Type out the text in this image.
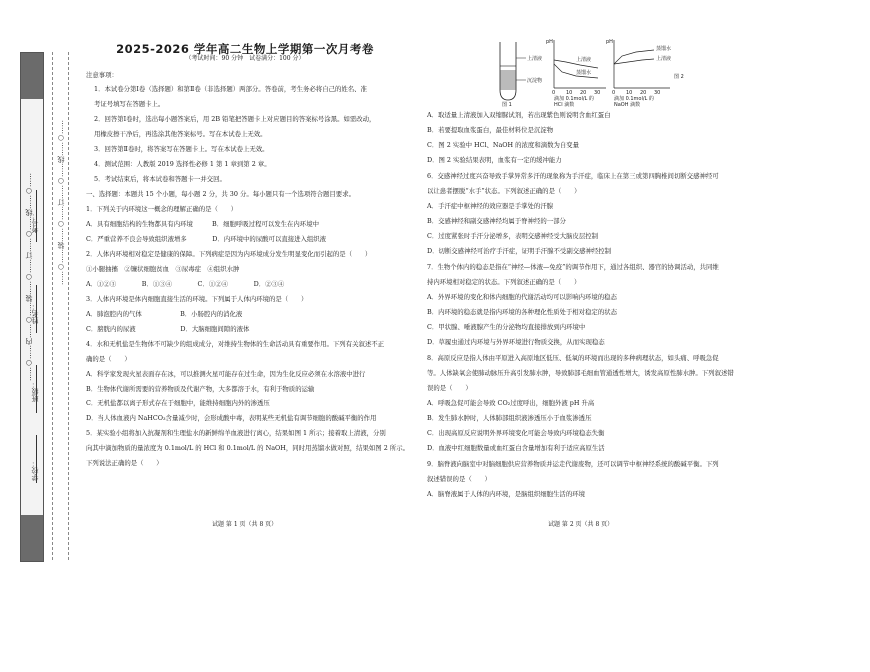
……○……内……○……装……○……订……○……线……○……	……○……装……○……订……○……线……○……
考号：
姓名：
班级：
学校：

2025-2026 学年高二生物上学期第一次月考卷

（考试时间：90 分钟　试卷满分：100 分）

注意事项：

1．本试卷分第Ⅰ卷（选择题）和第Ⅱ卷（非选择题）两部分。答卷前，考生务必将自己的姓名、准

考证号填写在答题卡上。

2．回答第Ⅰ卷时，选出每小题答案后，用 2B 铅笔把答题卡上对应题目的答案标号涂黑。如需改动，

用橡皮擦干净后，再选涂其他答案标号。写在本试卷上无效。

3．回答第Ⅱ卷时，将答案写在答题卡上。写在本试卷上无效。

4．测试范围：人教版 2019 选择性必修 1 第 1 章到第 2 章。

5．考试结束后，将本试卷和答题卡一并交回。

一、选择题：本题共 15 个小题，每小题 2 分，共 30 分。每小题只有一个选项符合题目要求。

1．下列关于内环境这一概念的理解正确的是（　　）

A．具有细胞结构的生物都具有内环境　　　B．细胞呼吸过程可以发生在内环境中

C．严重营养不良会导致组织液增多　　　　D．内环境中的尿酸可以直接进入组织液

2．人体内环境相对稳定是健康的保障。下列病症是因为内环境成分发生明显变化而引起的是（　　）

①小腿抽搐　②镰状细胞贫血　③尿毒症　④组织水肿

A．①②③　　　　B．①③④　　　　C．①②④　　　　D．②③④

3．人体内环境是体内细胞直接生活的环境。下列属于人体内环境的是（　　）

A．肺泡腔内的气体　　　　　　B．小肠腔内的消化液

C．膀胱内的尿液　　　　　　　D．大脑细胞间隙的液体

4．水和无机盐是生物体不可缺少的组成成分，对维持生物体的生命活动具有重要作用。下列有关叙述不正

确的是（　　）

A．科学家发现火星表面存在冰，可以推测火星可能存在过生命，因为生化反应必须在水溶液中进行

B．生物体代谢所需要的营养物质及代谢产物，大多都溶于水，有利于物质的运输

C．无机盐都以离子形式存在于细胞中，能维持细胞内外的渗透压

D．当人体血液内 NaHCO₃含量减少时，会形成酸中毒，表明某些无机盐有调节细胞的酸碱平衡的作用

5．某实验小组将加入抗凝剂和生理盐水的新鲜绵羊血液进行离心，结果如图 1 所示；接着取上清液，分别

向其中滴加物质的量浓度为 0.1mol/L 的 HCl 和 0.1mol/L 的 NaOH，同时用蒸馏水做对照，结果如图 2 所示。

下列说法正确的是（　　）

A．取适量上清液加入双缩脲试剂，若出现紫色则说明含血红蛋白

B．若要提取血浆蛋白，最佳材料位是沉淀物

C．图 2 实验中 HCl、NaOH 的浓度和滴数为自变量

D．图 2 实验结果表明，血浆有一定的缓冲能力

6．交感神经过度兴奋导致手掌异常多汗的现象称为手汗症，临床上在第三或第四胸椎间切断交感神经可

以让患者摆脱“水手”状态。下列叙述正确的是（　　）

A．手汗症中枢神经的效应器是手掌处的汗腺

B．交感神经和副交感神经均属于脊神经的一部分

C．过度紧张时手汗分泌增多，表明交感神经受大脑皮层控制

D．切断交感神经可治疗手汗症，证明手汗腺不受副交感神经控制

7．生物个体内的稳态是指在“神经—体液—免疫”的调节作用下，通过各组织、器官的协调活动，共同维

持内环境相对稳定的状态。下列叙述正确的是（　　）

A．外界环境的变化和体内细胞的代谢活动均可以影响内环境的稳态

B．内环境的稳态就是指内环境的各种理化性质处于相对稳定的状态

C．甲状腺、唾液腺产生的分泌物均直接排放到内环境中

D．草履虫通过内环境与外界环境进行物质交换，从而实现稳态

8．高原反应是指人体由平原进入高原地区低压、低氧的环境而出现的多种病理状态，如头痛、呼吸急促

等。人体缺氧会使肺动脉压升高引发肺水肿，导致肺部毛细血管通透性增大，诱发高原性肺水肿。下列叙述错

误的是（　　）

A．呼吸急促可能会导致 CO₂过度呼出，细胞外液 pH 升高

B．发生肺水肿时，人体肺部组织液渗透压小于血浆渗透压

C．出现高原反应说明外界环境变化可能会导致内环境稳态失衡

D．血液中红细胞数量或血红蛋白含量增加有利于适应高原生活

9．脑脊液向脑室中对脑细胞供应营养物质并运走代谢废物，还可以调节中枢神经系统的酸碱平衡。下列

叙述错误的是（　　）

A．脑脊液属于人体的内环境，是脑组织细胞生活的环境

上清液
沉淀物
图 1
pH
上清液
蒸馏水
0 10 20 30
滴加 0.1mol/L 的
HCl 滴数
pH
蒸馏水
上清液
0 10 20 30
滴加 0.1mol/L 的
NaOH 滴数
图 2
试题 第 1 页（共 8 页）	试题 第 2 页（共 8 页）
